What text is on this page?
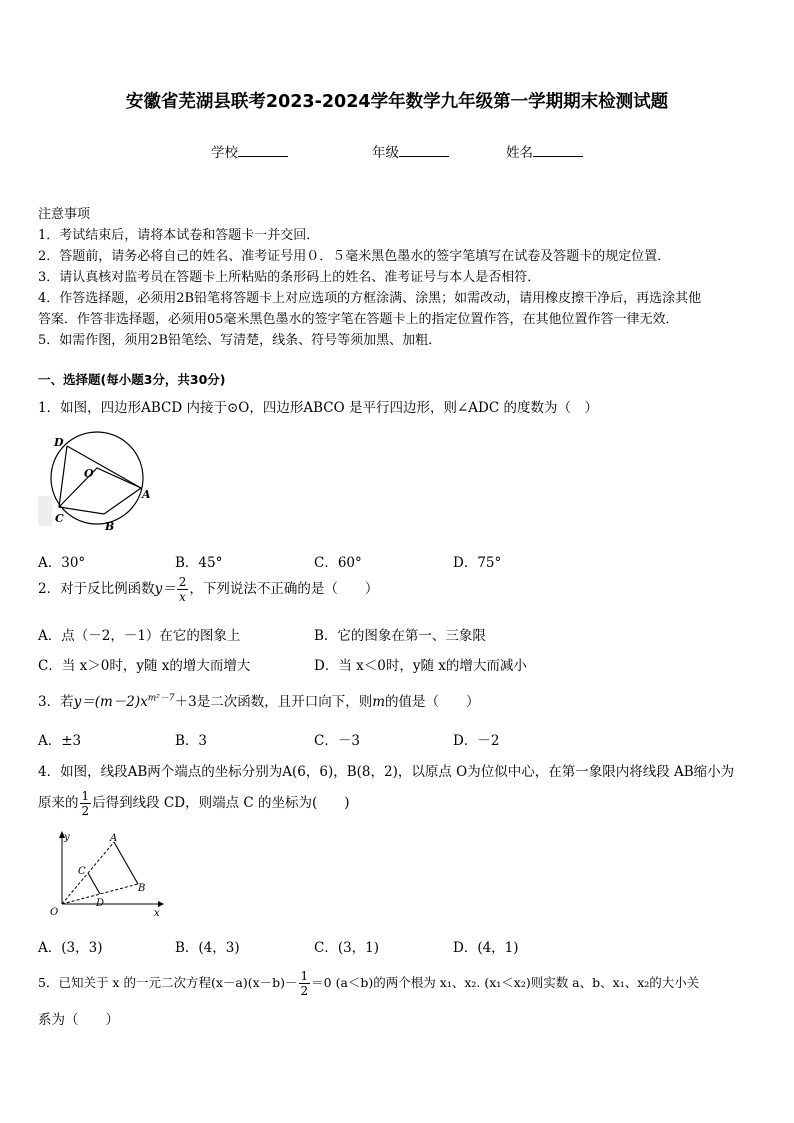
安徽省芜湖县联考2023-2024学年数学九年级第一学期期末检测试题
学校	年级	姓名
注意事项
1．考试结束后，请将本试卷和答题卡一并交回．
2．答题前，请务必将自己的姓名、准考证号用０．５毫米黑色墨水的签字笔填写在试卷及答题卡的规定位置．
3．请认真核对监考员在答题卡上所粘贴的条形码上的姓名、准考证号与本人是否相符．
4．作答选择题，必须用2B铅笔将答题卡上对应选项的方框涂满、涂黑；如需改动，请用橡皮擦干净后，再选涂其他
答案．作答非选择题，必须用05毫米黑色墨水的签字笔在答题卡上的指定位置作答，在其他位置作答一律无效．
5．如需作图，须用2B铅笔绘、写清楚，线条、符号等须加黑、加粗．
一、选择题(每小题3分，共30分)
1．如图，四边形ABCD 内接于⊙O，四边形ABCO 是平行四边形，则∠ADC 的度数为（　）
D
O
A
C
B
A．30°	B．45°	C．60°	D．75°
2．对于反比例函数$y= \frac{2}{x}$ ，下列说法不正确的是（　　）
A．点（－2，－1）在它的图象上	B．它的图象在第一、三象限
C．当 x＞0时，y随 x的增大而增大	D．当 x＜0时，y随 x的增大而减小
3．若$y=(m-2)x^{m^2-7}+3$是二次函数，且开口向下，则m的值是（　　）
A．±3	B．3	C．－3	D．－2
4．如图，线段AB两个端点的坐标分别为A(6，6)，B(8，2)，以原点 O为位似中心，在第一象限内将线段 AB缩小为
原来的 $\frac{1}{2}$ 后得到线段 CD，则端点 C 的坐标为(　　)
y	A
C
B
O
D
x
A．(3，3)	B．(4，3)	C．(3，1)	D．(4，1)
5．已知关于 x 的一元二次方程$(x-a)(x-b)- \frac{1}{2} =0$ (a＜b)的两个根为 x₁、x₂. (x₁＜x₂)则实数 a、b、x₁、x₂的大小关
系为（　　）
